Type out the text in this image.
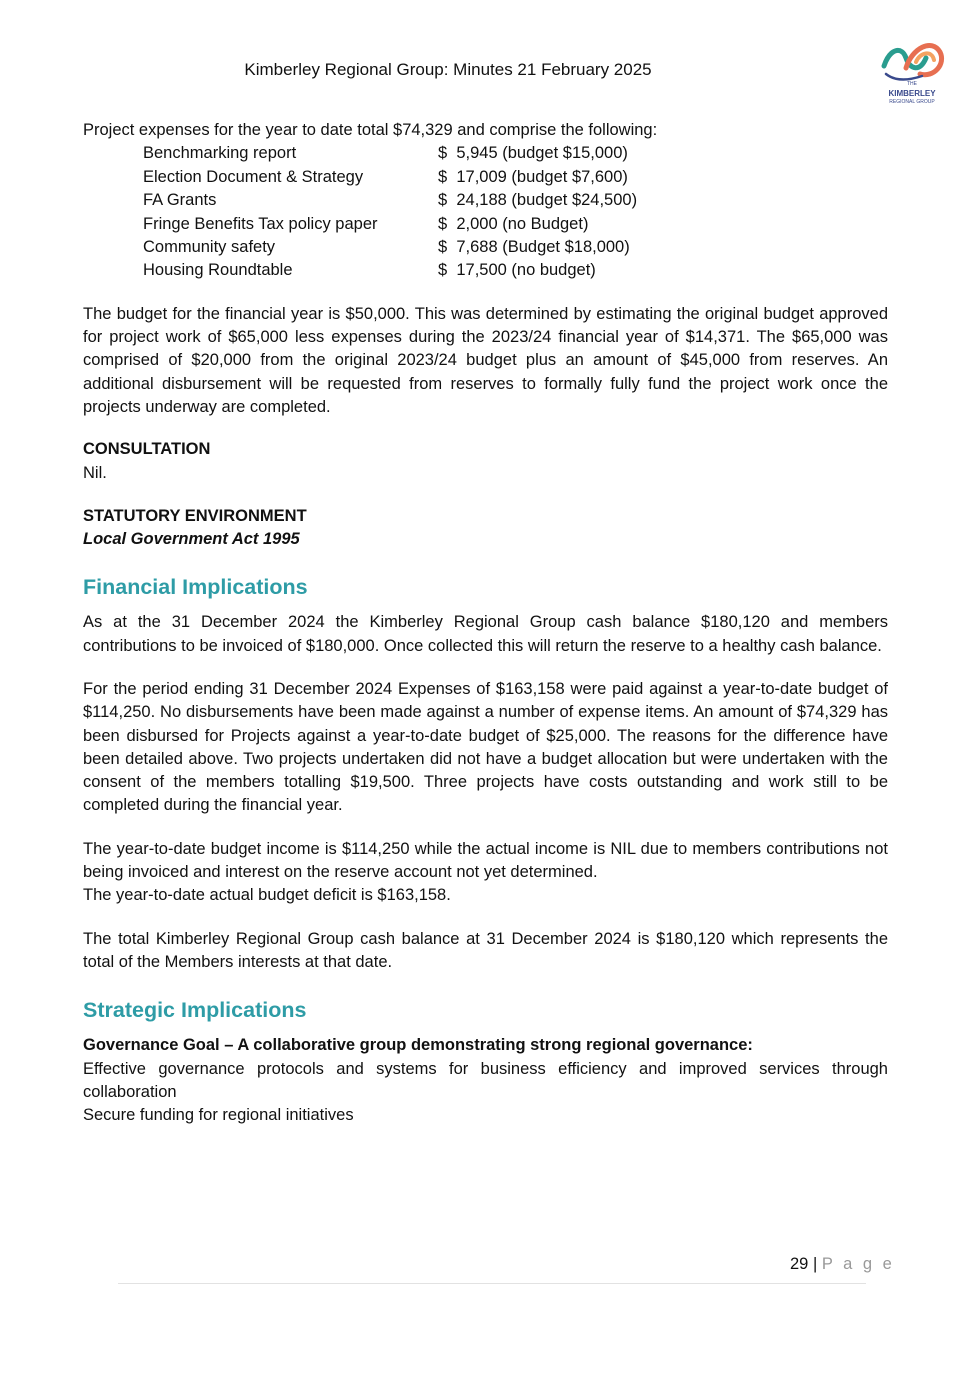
Kimberley Regional Group: Minutes 21 February 2025
THE
KIMBERLEY
REGIONAL GROUP

Project expenses for the year to date total $74,329 and comprise the following:

Benchmarking report	$  5,945 (budget $15,000)
Election Document & Strategy	$  17,009 (budget $7,600)
FA Grants	$  24,188 (budget $24,500)
Fringe Benefits Tax policy paper	$  2,000 (no Budget)
Community safety	$  7,688 (Budget $18,000)
Housing Roundtable	$  17,500 (no budget)

The budget for the financial year is $50,000. This was determined by estimating the original budget approved for project work of $65,000 less expenses during the 2023/24 financial year of $14,371. The $65,000 was comprised of $20,000 from the original 2023/24 budget plus an amount of $45,000 from reserves. An additional disbursement will be requested from reserves to formally fully fund the project work once the projects underway are completed.

CONSULTATION

Nil.

STATUTORY ENVIRONMENT

Local Government Act 1995

Financial Implications

As at the 31 December 2024 the Kimberley Regional Group cash balance $180,120 and members contributions to be invoiced of $180,000. Once collected this will return the reserve to a healthy cash balance.

For the period ending 31 December 2024 Expenses of $163,158 were paid against a year-to-date budget of $114,250. No disbursements have been made against a number of expense items. An amount of $74,329 has been disbursed for Projects against a year-to-date budget of $25,000. The reasons for the difference have been detailed above. Two projects undertaken did not have a budget allocation but were undertaken with the consent of the members totalling $19,500. Three projects have costs outstanding and work still to be completed during the financial year.

The year-to-date budget income is $114,250 while the actual income is NIL due to members contributions not being invoiced and interest on the reserve account not yet determined.

The year-to-date actual budget deficit is $163,158.

The total Kimberley Regional Group cash balance at 31 December 2024 is $180,120 which represents the total of the Members interests at that date.

Strategic Implications

Governance Goal – A collaborative group demonstrating strong regional governance:

Effective governance protocols and systems for business efficiency and improved services through collaboration

Secure funding for regional initiatives

29 | P a g e
